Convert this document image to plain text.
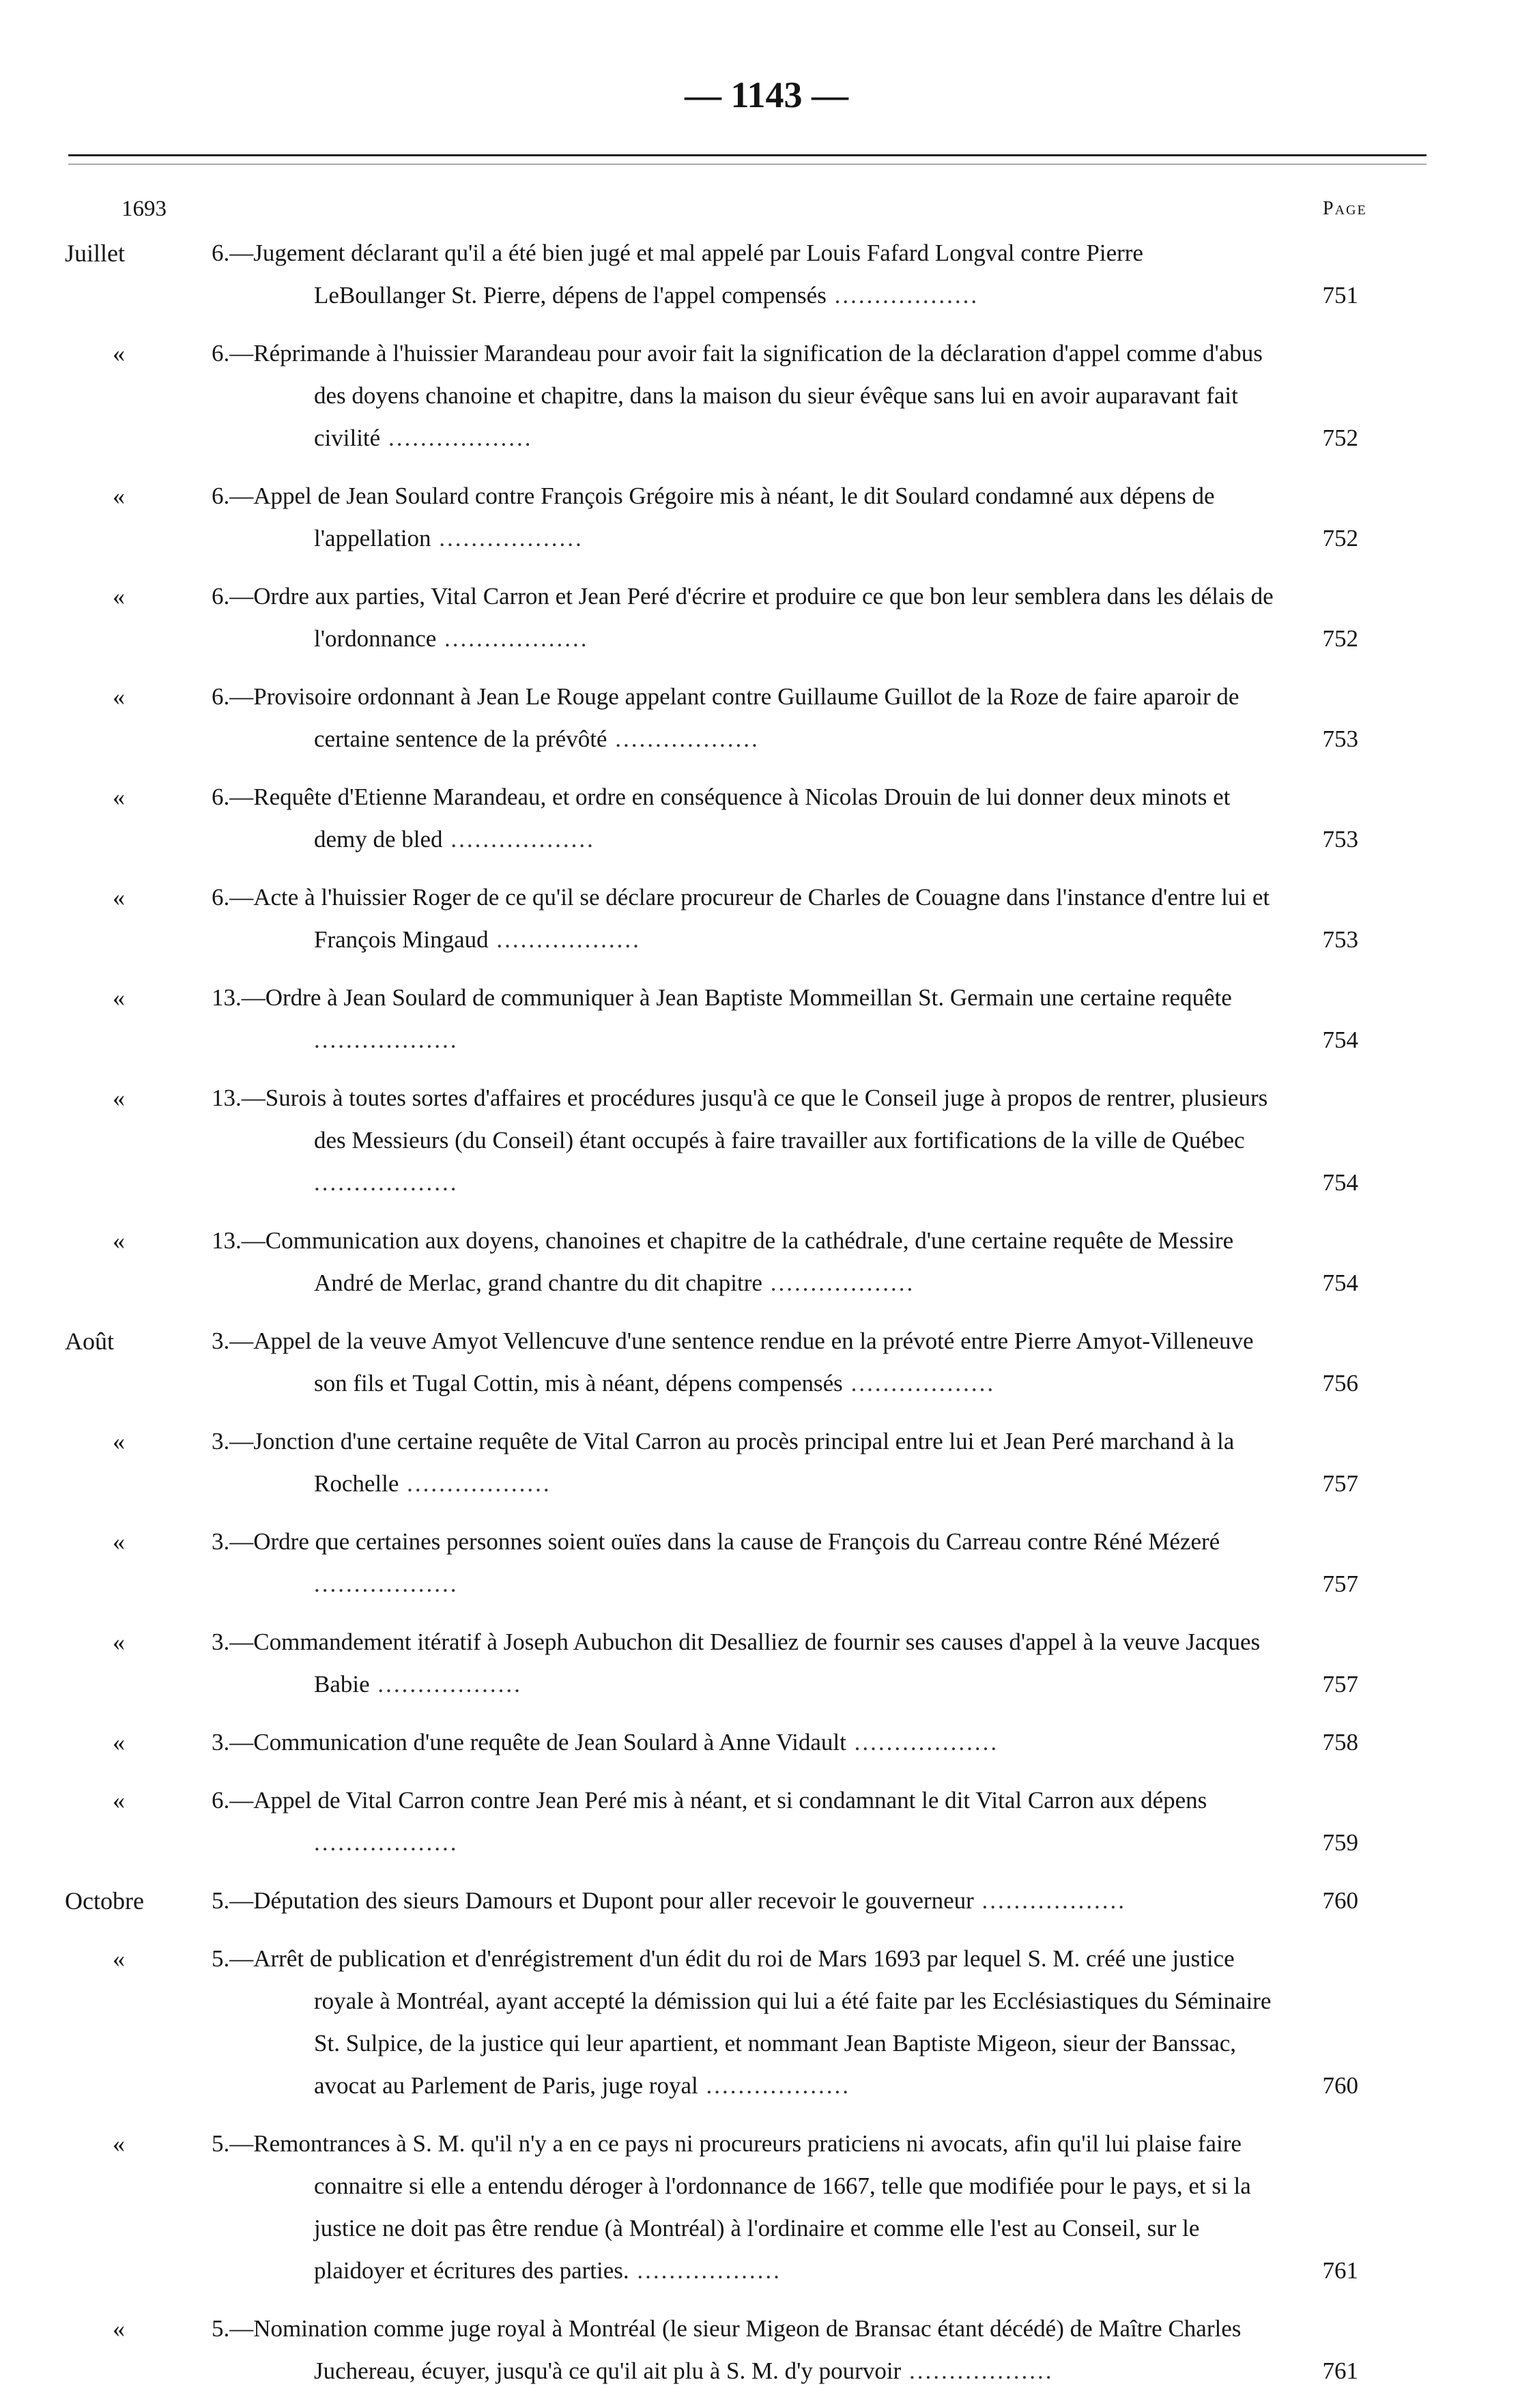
— 1143 —
1693	Page
Juillet	6.—Jugement déclarant qu'il a été bien jugé et mal appelé par Louis Fafard Longval contre Pierre LeBoullanger St. Pierre, dépens de l'appel compensés ..................	751
«	6.—Réprimande à l'huissier Marandeau pour avoir fait la signification de la déclaration d'appel comme d'abus des doyens chanoine et chapitre, dans la maison du sieur évêque sans lui en avoir auparavant fait civilité ..................	752
«	6.—Appel de Jean Soulard contre François Grégoire mis à néant, le dit Soulard condamné aux dépens de l'appellation ..................	752
«	6.—Ordre aux parties, Vital Carron et Jean Peré d'écrire et produire ce que bon leur semblera dans les délais de l'ordonnance ..................	752
«	6.—Provisoire ordonnant à Jean Le Rouge appelant contre Guillaume Guillot de la Roze de faire aparoir de certaine sentence de la prévôté ..................	753
«	6.—Requête d'Etienne Marandeau, et ordre en conséquence à Nicolas Drouin de lui donner deux minots et demy de bled ..................	753
«	6.—Acte à l'huissier Roger de ce qu'il se déclare procureur de Charles de Couagne dans l'instance d'entre lui et François Mingaud ..................	753
«	13.—Ordre à Jean Soulard de communiquer à Jean Baptiste Mommeillan St. Germain une certaine requête ..................	754
«	13.—Surois à toutes sortes d'affaires et procédures jusqu'à ce que le Conseil juge à propos de rentrer, plusieurs des Messieurs (du Conseil) étant occupés à faire travailler aux fortifications de la ville de Québec ..................	754
«	13.—Communication aux doyens, chanoines et chapitre de la cathédrale, d'une certaine requête de Messire André de Merlac, grand chantre du dit chapitre ..................	754
Août	3.—Appel de la veuve Amyot Vellencuve d'une sentence rendue en la prévoté entre Pierre Amyot-Villeneuve son fils et Tugal Cottin, mis à néant, dépens compensés ..................	756
«	3.—Jonction d'une certaine requête de Vital Carron au procès principal entre lui et Jean Peré marchand à la Rochelle ..................	757
«	3.—Ordre que certaines personnes soient ouïes dans la cause de François du Carreau contre Réné Mézeré ..................	757
«	3.—Commandement itératif à Joseph Aubuchon dit Desalliez de fournir ses causes d'appel à la veuve Jacques Babie ..................	757
«	3.—Communication d'une requête de Jean Soulard à Anne Vidault ..................	758
«	6.—Appel de Vital Carron contre Jean Peré mis à néant, et si condamnant le dit Vital Carron aux dépens ..................	759
Octobre	5.—Députation des sieurs Damours et Dupont pour aller recevoir le gouverneur ..................	760
«	5.—Arrêt de publication et d'enrégistrement d'un édit du roi de Mars 1693 par lequel S. M. créé une justice royale à Montréal, ayant accepté la démission qui lui a été faite par les Ecclésiastiques du Séminaire St. Sulpice, de la justice qui leur apartient, et nommant Jean Baptiste Migeon, sieur der Banssac, avocat au Parlement de Paris, juge royal ..................	760
«	5.—Remontrances à S. M. qu'il n'y a en ce pays ni procureurs praticiens ni avocats, afin qu'il lui plaise faire connaitre si elle a entendu déroger à l'ordonnance de 1667, telle que modifiée pour le pays, et si la justice ne doit pas être rendue (à Montréal) à l'ordinaire et comme elle l'est au Conseil, sur le plaidoyer et écritures des parties. ..................	761
«	5.—Nomination comme juge royal à Montréal (le sieur Migeon de Bransac étant décédé) de Maître Charles Juchereau, écuyer, jusqu'à ce qu'il ait plu à S. M. d'y pourvoir ..................	761
